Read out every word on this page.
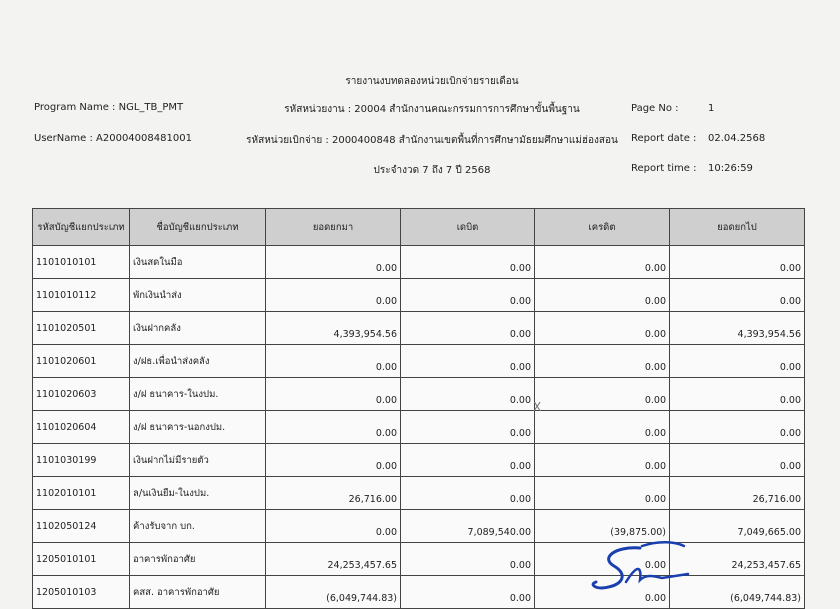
รายงานงบทดลองหน่วยเบิกจ่ายรายเดือน
Program Name : NGL_TB_PMT
UserName : A20004008481001
รหัสหน่วยงาน : 20004 สำนักงานคณะกรรมการการศึกษาขั้นพื้นฐาน
รหัสหน่วยเบิกจ่าย : 2000400848 สำนักงานเขตพื้นที่การศึกษามัธยมศึกษาแม่ฮ่องสอน
ประจำงวด 7 ถึง 7 ปี 2568
Page No :	1
Report date : 02.04.2568
Report time : 10:26:59
รหัสบัญชีแยกประเภท	ชื่อบัญชีแยกประเภท	ยอดยกมา	เดบิต	เครดิต	ยอดยกไป
1101010101	เงินสดในมือ	0.00	0.00	0.00	0.00
1101010112	พักเงินนำส่ง	0.00	0.00	0.00	0.00
1101020501	เงินฝากคลัง	4,393,954.56	0.00	0.00	4,393,954.56
1101020601	ง/ฝธ.เพื่อนำส่งคลัง	0.00	0.00	0.00	0.00
1101020603	ง/ฝ ธนาคาร-ในงปม.	0.00	0.00	0.00	0.00
1101020604	ง/ฝ ธนาคาร-นอกงปม.	0.00	0.00	0.00	0.00
1101030199	เงินฝากไม่มีรายตัว	0.00	0.00	0.00	0.00
1102010101	ล/นเงินยืม-ในงปม.	26,716.00	0.00	0.00	26,716.00
1102050124	ค้างรับจาก บก.	0.00	7,089,540.00	(39,875.00)	7,049,665.00
1205010101	อาคารพักอาศัย	24,253,457.65	0.00	0.00	24,253,457.65
1205010103	คสส. อาคารพักอาศัย	(6,049,744.83)	0.00	0.00	(6,049,744.83)
X
